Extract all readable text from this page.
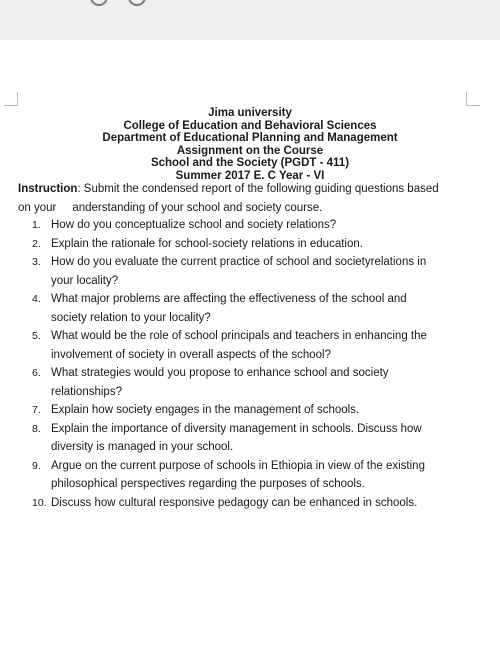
Jima university
College of Education and Behavioral Sciences
Department of Educational Planning and Management
Assignment on the Course
School and the Society (PGDT - 411)
Summer 2017 E. C Year - VI
Instruction: Submit the condensed report of the following guiding questions based
on your     anderstanding of your school and society course.
1. How do you conceptualize school and society relations?
2. Explain the rationale for school-society relations in education.
3. How do you evaluate the current practice of school and societyrelations in
your locality?
4. What major problems are affecting the effectiveness of the school and
society relation to your locality?
5. What would be the role of school principals and teachers in enhancing the
involvement of society in overall aspects of the school?
6. What strategies would you propose to enhance school and society
relationships?
7. Explain how society engages in the management of schools.
8. Explain the importance of diversity management in schools. Discuss how
diversity is managed in your school.
9. Argue on the current purpose of schools in Ethiopia in view of the existing
philosophical perspectives regarding the purposes of schools.
10. Discuss how cultural responsive pedagogy can be enhanced in schools.
